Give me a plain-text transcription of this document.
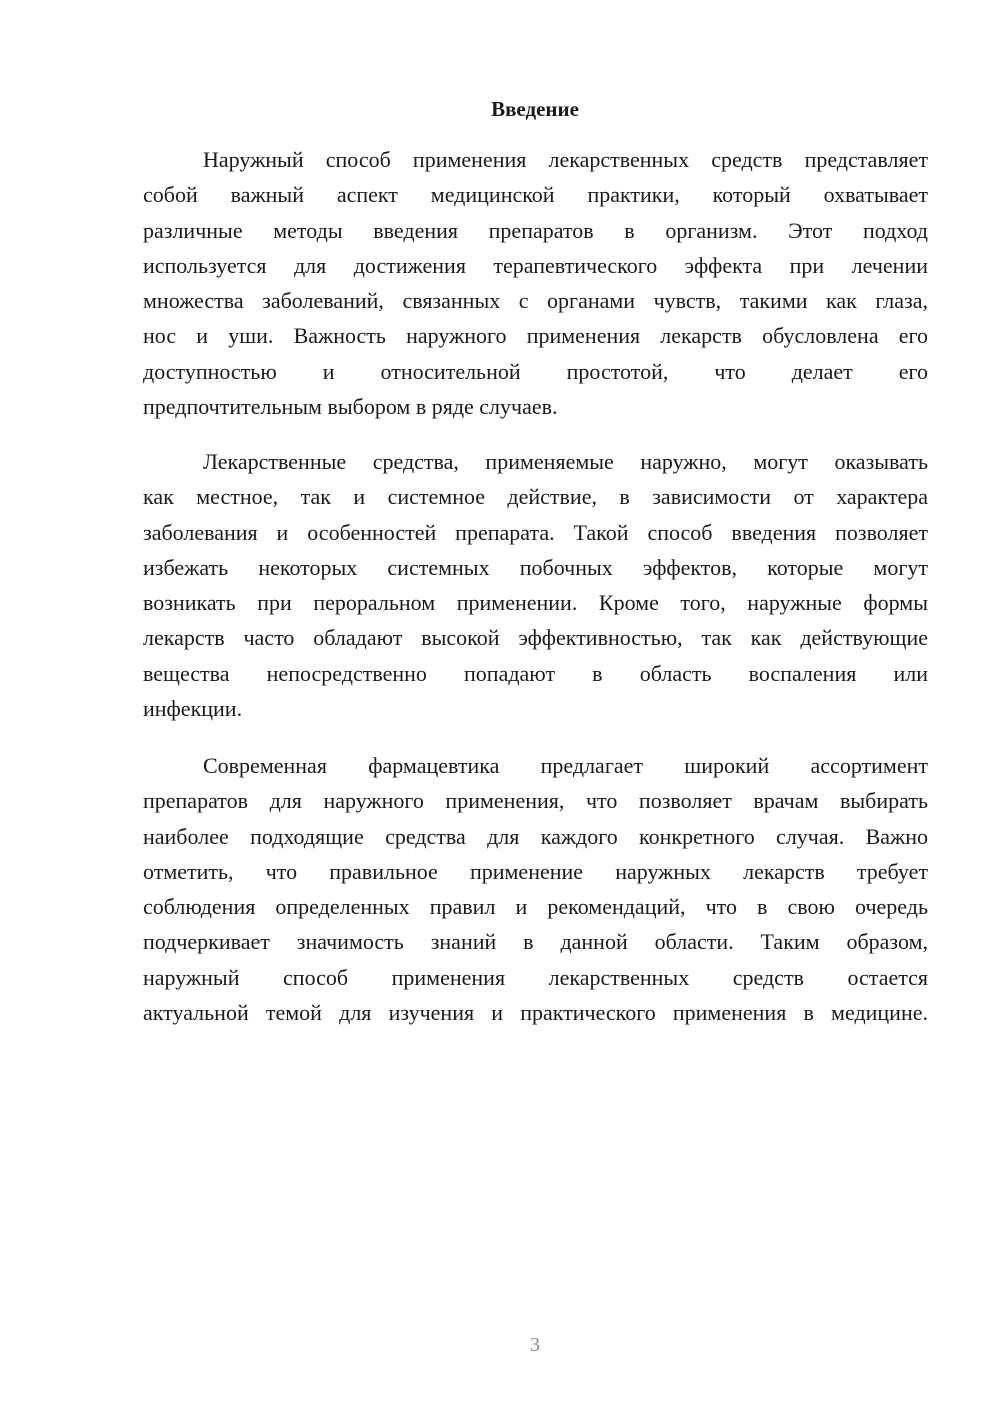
Введение
Наружный способ применения лекарственных средств представляет
собой важный аспект медицинской практики, который охватывает
различные методы введения препаратов в организм. Этот подход
используется для достижения терапевтического эффекта при лечении
множества заболеваний, связанных с органами чувств, такими как глаза,
нос и уши. Важность наружного применения лекарств обусловлена его
доступностью и относительной простотой, что делает его
предпочтительным выбором в ряде случаев.
Лекарственные средства, применяемые наружно, могут оказывать
как местное, так и системное действие, в зависимости от характера
заболевания и особенностей препарата. Такой способ введения позволяет
избежать некоторых системных побочных эффектов, которые могут
возникать при пероральном применении. Кроме того, наружные формы
лекарств часто обладают высокой эффективностью, так как действующие
вещества непосредственно попадают в область воспаления или
инфекции.
Современная фармацевтика предлагает широкий ассортимент
препаратов для наружного применения, что позволяет врачам выбирать
наиболее подходящие средства для каждого конкретного случая. Важно
отметить, что правильное применение наружных лекарств требует
соблюдения определенных правил и рекомендаций, что в свою очередь
подчеркивает значимость знаний в данной области. Таким образом,
наружный способ применения лекарственных средств остается
актуальной темой для изучения и практического применения в медицине.
3
